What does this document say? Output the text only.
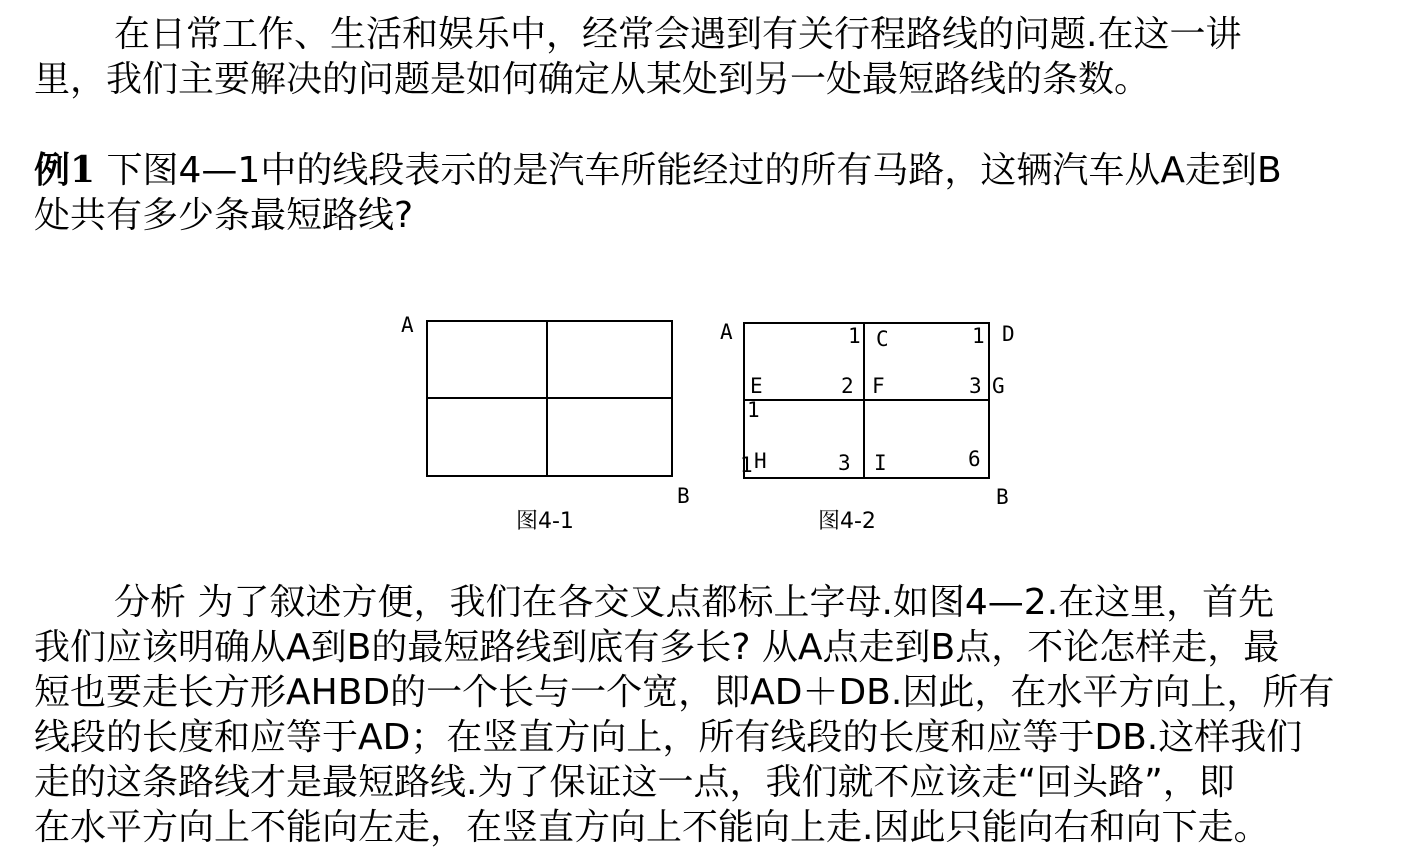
在日常工作、生活和娱乐中，经常会遇到有关行程路线的问题.在这一讲
里，我们主要解决的问题是如何确定从某处到另一处最短路线的条数。
例1 下图4—1中的线段表示的是汽车所能经过的所有马路，这辆汽车从A走到B
处共有多少条最短路线?
A
B
图4-1
A	1 C	1 D
E	2 F	3 G
1
1 H	3 I	6
B
图4-2
分析 为了叙述方便，我们在各交叉点都标上字母.如图4—2.在这里，首先
我们应该明确从A到B的最短路线到底有多长? 从A点走到B点，不论怎样走，最
短也要走长方形AHBD的一个长与一个宽，即AD＋DB.因此，在水平方向上，所有
线段的长度和应等于AD；在竖直方向上，所有线段的长度和应等于DB.这样我们
走的这条路线才是最短路线.为了保证这一点，我们就不应该走“回头路”，即
在水平方向上不能向左走，在竖直方向上不能向上走.因此只能向右和向下走。
